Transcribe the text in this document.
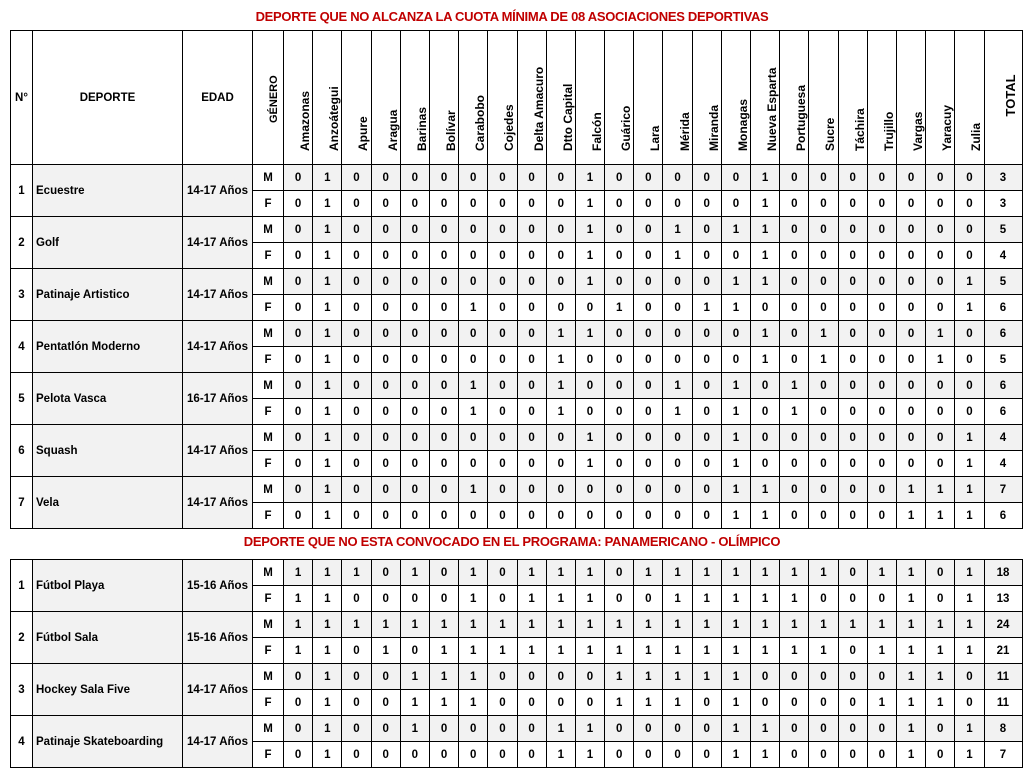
DEPORTE QUE NO ALCANZA LA CUOTA MÍNIMA DE 08 ASOCIACIONES DEPORTIVAS
N°	DEPORTE	EDAD	GÉNERO	Amazonas	Anzoátegui	Apure	Aragua	Barinas	Bolívar	Carabobo	Cojedes	Delta Amacuro	Dtto Capital	Falcón	Guárico	Lara	Mérida	Miranda	Monagas	Nueva Esparta	Portuguesa	Sucre	Táchira	Trujillo	Vargas	Yaracuy	Zulia	TOTAL

1	Ecuestre	14-17 Años	M	0	1	0	0	0	0	0	0	0	0	1	0	0	0	0	0	1	0	0	0	0	0	0	0	3
			F	0	1	0	0	0	0	0	0	0	0	1	0	0	0	0	0	1	0	0	0	0	0	0	0	3
2	Golf	14-17 Años	M	0	1	0	0	0	0	0	0	0	0	1	0	0	1	0	1	1	0	0	0	0	0	0	0	5
			F	0	1	0	0	0	0	0	0	0	0	1	0	0	1	0	0	1	0	0	0	0	0	0	0	4
3	Patinaje Artistico	14-17 Años	M	0	1	0	0	0	0	0	0	0	0	1	0	0	0	0	1	1	0	0	0	0	0	0	1	5
			F	0	1	0	0	0	0	1	0	0	0	0	1	0	0	1	1	0	0	0	0	0	0	0	1	6
4	Pentatlón Moderno	14-17 Años	M	0	1	0	0	0	0	0	0	0	1	1	0	0	0	0	0	1	0	1	0	0	0	1	0	6
			F	0	1	0	0	0	0	0	0	0	1	0	0	0	0	0	0	1	0	1	0	0	0	1	0	5
5	Pelota Vasca	16-17 Años	M	0	1	0	0	0	0	1	0	0	1	0	0	0	1	0	1	0	1	0	0	0	0	0	0	6
			F	0	1	0	0	0	0	1	0	0	1	0	0	0	1	0	1	0	1	0	0	0	0	0	0	6
6	Squash	14-17 Años	M	0	1	0	0	0	0	0	0	0	0	1	0	0	0	0	1	0	0	0	0	0	0	0	1	4
			F	0	1	0	0	0	0	0	0	0	0	1	0	0	0	0	1	0	0	0	0	0	0	0	1	4
7	Vela	14-17 Años	M	0	1	0	0	0	0	1	0	0	0	0	0	0	0	0	1	1	0	0	0	0	1	1	1	7
			F	0	1	0	0	0	0	0	0	0	0	0	0	0	0	0	1	1	0	0	0	0	1	1	1	6
DEPORTE QUE NO ESTA CONVOCADO EN EL PROGRAMA: PANAMERICANO - OLÍMPICO
1	Fútbol Playa	15-16 Años	M	1	1	1	0	1	0	1	0	1	1	1	0	1	1	1	1	1	1	1	0	1	1	0	1	18
			F	1	1	0	0	0	0	1	0	1	1	1	0	0	1	1	1	1	1	0	0	0	1	0	1	13
2	Fútbol Sala	15-16 Años	M	1	1	1	1	1	1	1	1	1	1	1	1	1	1	1	1	1	1	1	1	1	1	1	1	24
			F	1	1	0	1	0	1	1	1	1	1	1	1	1	1	1	1	1	1	1	0	1	1	1	1	21
3	Hockey Sala Five	14-17 Años	M	0	1	0	0	1	1	1	0	0	0	0	1	1	1	1	1	0	0	0	0	0	1	1	0	11
			F	0	1	0	0	1	1	1	0	0	0	0	1	1	1	0	1	0	0	0	0	1	1	1	0	11
4	Patinaje Skateboarding	14-17 Años	M	0	1	0	0	1	0	0	0	0	1	1	0	0	0	0	1	1	0	0	0	0	1	0	1	8
			F	0	1	0	0	0	0	0	0	0	1	1	0	0	0	0	1	1	0	0	0	0	1	0	1	7
